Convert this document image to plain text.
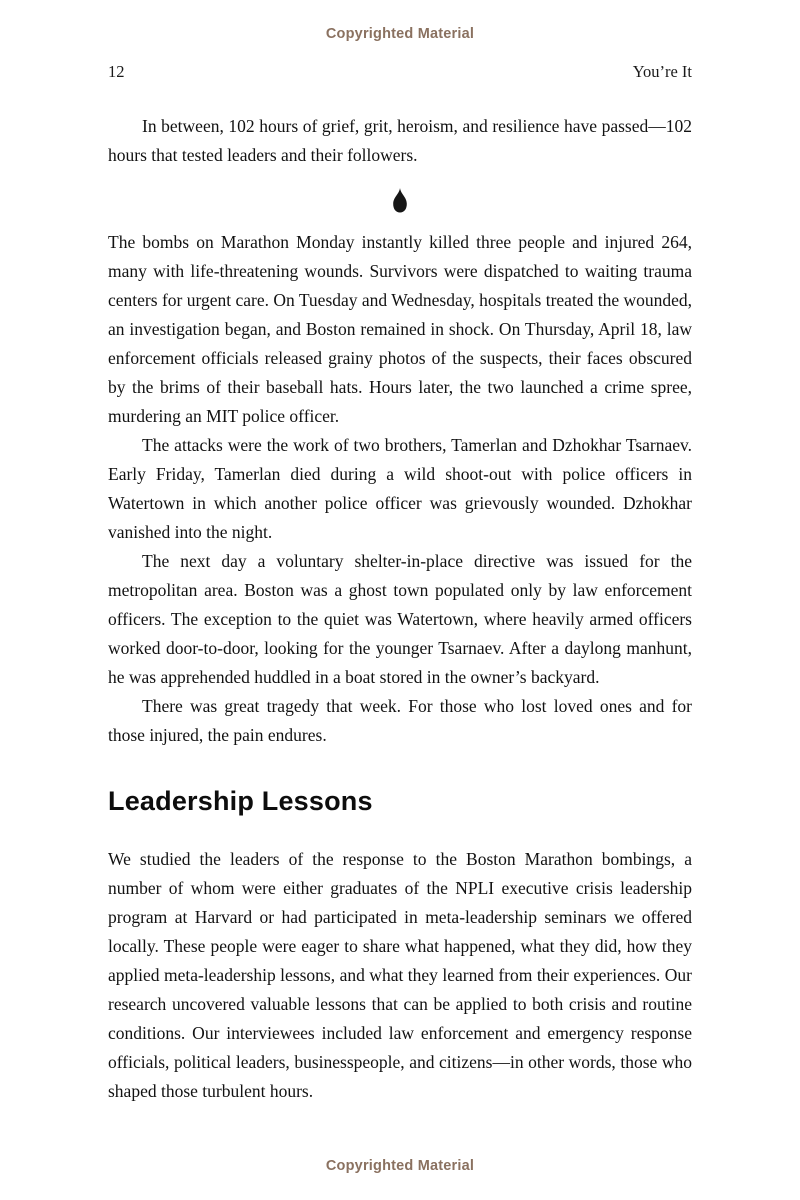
Copyrighted Material
12	You’re It

In between, 102 hours of grief, grit, heroism, and resilience have passed—102 hours that tested leaders and their followers.

The bombs on Marathon Monday instantly killed three people and injured 264, many with life-threatening wounds. Survivors were dispatched to waiting trauma centers for urgent care. On Tuesday and Wednesday, hospitals treated the wounded, an investigation began, and Boston remained in shock. On Thursday, April 18, law enforcement officials released grainy photos of the suspects, their faces obscured by the brims of their baseball hats. Hours later, the two launched a crime spree, murdering an MIT police officer.

The attacks were the work of two brothers, Tamerlan and Dzhokhar Tsarnaev. Early Friday, Tamerlan died during a wild shoot-out with police officers in Watertown in which another police officer was grievously wounded. Dzhokhar vanished into the night.

The next day a voluntary shelter-in-place directive was issued for the metropolitan area. Boston was a ghost town populated only by law enforcement officers. The exception to the quiet was Watertown, where heavily armed officers worked door-to-door, looking for the younger Tsarnaev. After a daylong manhunt, he was apprehended huddled in a boat stored in the owner’s backyard.

There was great tragedy that week. For those who lost loved ones and for those injured, the pain endures.

Leadership Lessons

We studied the leaders of the response to the Boston Marathon bombings, a number of whom were either graduates of the NPLI executive crisis leadership program at Harvard or had participated in meta-leadership seminars we offered locally. These people were eager to share what happened, what they did, how they applied meta-leadership lessons, and what they learned from their experiences. Our research uncovered valuable lessons that can be applied to both crisis and routine conditions. Our interviewees included law enforcement and emergency response officials, political leaders, businesspeople, and citizens—in other words, those who shaped those turbulent hours.

Copyrighted Material
